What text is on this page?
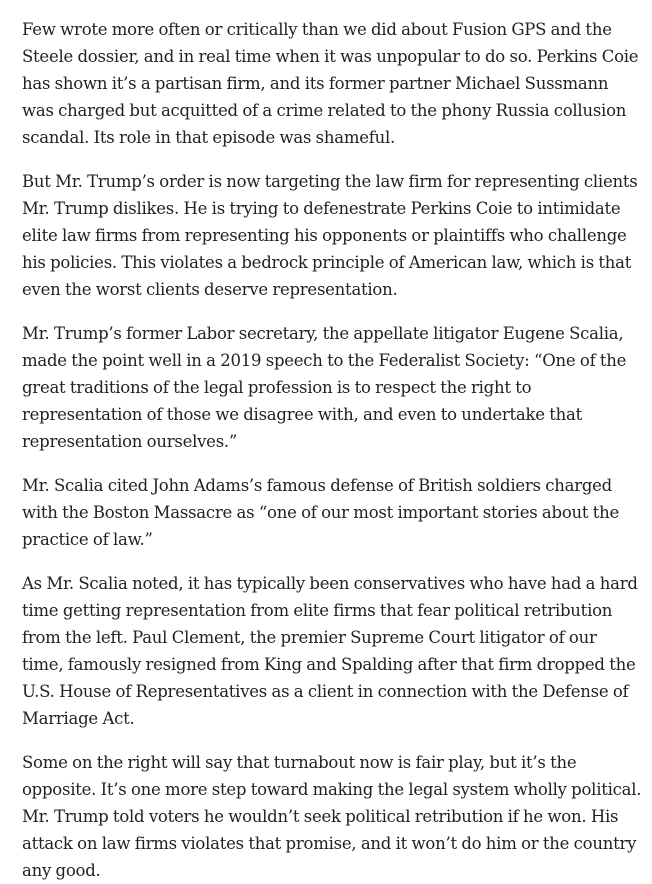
Few wrote more often or critically than we did about Fusion GPS and the Steele dossier, and in real time when it was unpopular to do so. Perkins Coie has shown it’s a partisan firm, and its former partner Michael Sussmann was charged but acquitted of a crime related to the phony Russia collusion scandal. Its role in that episode was shameful.

But Mr. Trump’s order is now targeting the law firm for representing clients Mr. Trump dislikes. He is trying to defenestrate Perkins Coie to intimidate elite law firms from representing his opponents or plaintiffs who challenge his policies. This violates a bedrock principle of American law, which is that even the worst clients deserve representation.

Mr. Trump’s former Labor secretary, the appellate litigator Eugene Scalia, made the point well in a 2019 speech to the Federalist Society: “One of the great traditions of the legal profession is to respect the right to representation of those we disagree with, and even to undertake that representation ourselves.”

Mr. Scalia cited John Adams’s famous defense of British soldiers charged with the Boston Massacre as “one of our most important stories about the practice of law.”

As Mr. Scalia noted, it has typically been conservatives who have had a hard time getting representation from elite firms that fear political retribution from the left. Paul Clement, the premier Supreme Court litigator of our time, famously resigned from King and Spalding after that firm dropped the U.S. House of Representatives as a client in connection with the Defense of Marriage Act.

Some on the right will say that turnabout now is fair play, but it’s the opposite. It’s one more step toward making the legal system wholly political. Mr. Trump told voters he wouldn’t seek political retribution if he won. His attack on law firms violates that promise, and it won’t do him or the country any good.
